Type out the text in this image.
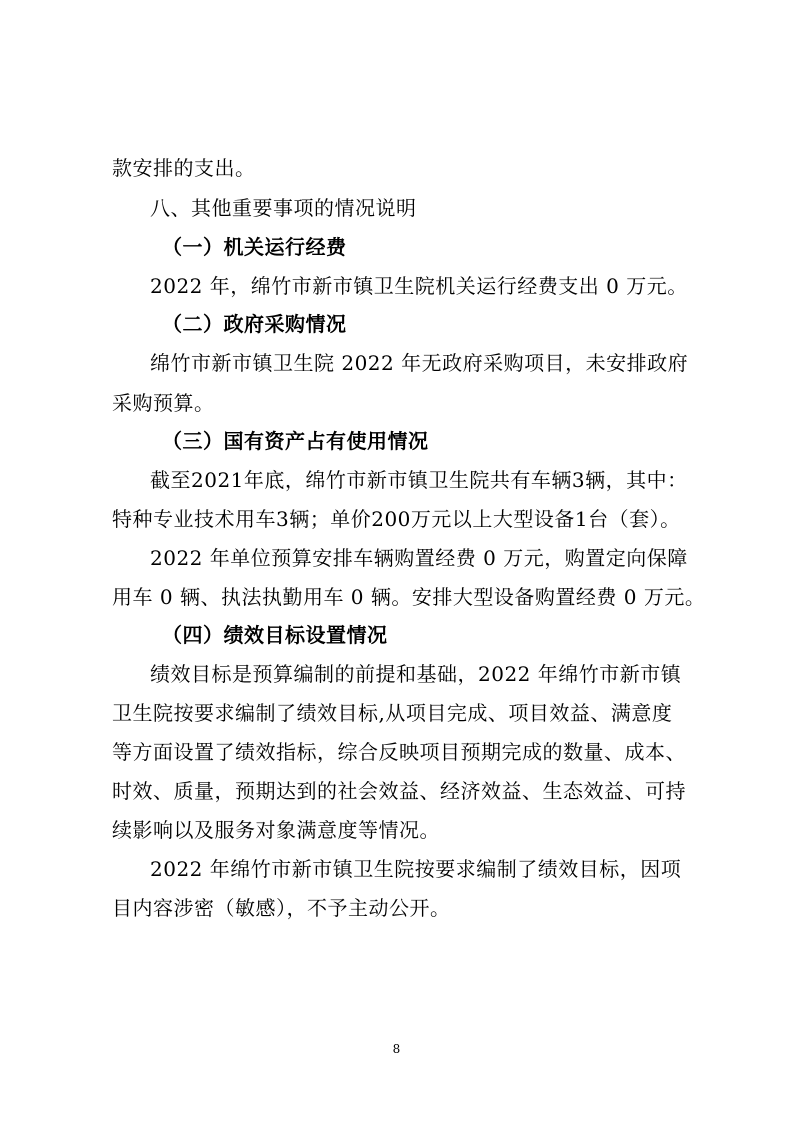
款安排的支出。
八、其他重要事项的情况说明
（一）机关运行经费
2022 年，绵竹市新市镇卫生院机关运行经费支出 0 万元。
（二）政府采购情况
绵竹市新市镇卫生院 2022 年无政府采购项目，未安排政府
采购预算。
（三）国有资产占有使用情况
截至2021年底，绵竹市新市镇卫生院共有车辆3辆，其中：
特种专业技术用车3辆；单价200万元以上大型设备1台（套）。
2022 年单位预算安排车辆购置经费 0 万元，购置定向保障
用车 0 辆、执法执勤用车 0 辆。安排大型设备购置经费 0 万元。
（四）绩效目标设置情况
绩效目标是预算编制的前提和基础，2022 年绵竹市新市镇
卫生院按要求编制了绩效目标,从项目完成、项目效益、满意度
等方面设置了绩效指标，综合反映项目预期完成的数量、成本、
时效、质量，预期达到的社会效益、经济效益、生态效益、可持
续影响以及服务对象满意度等情况。
2022 年绵竹市新市镇卫生院按要求编制了绩效目标，因项
目内容涉密（敏感），不予主动公开。
8
